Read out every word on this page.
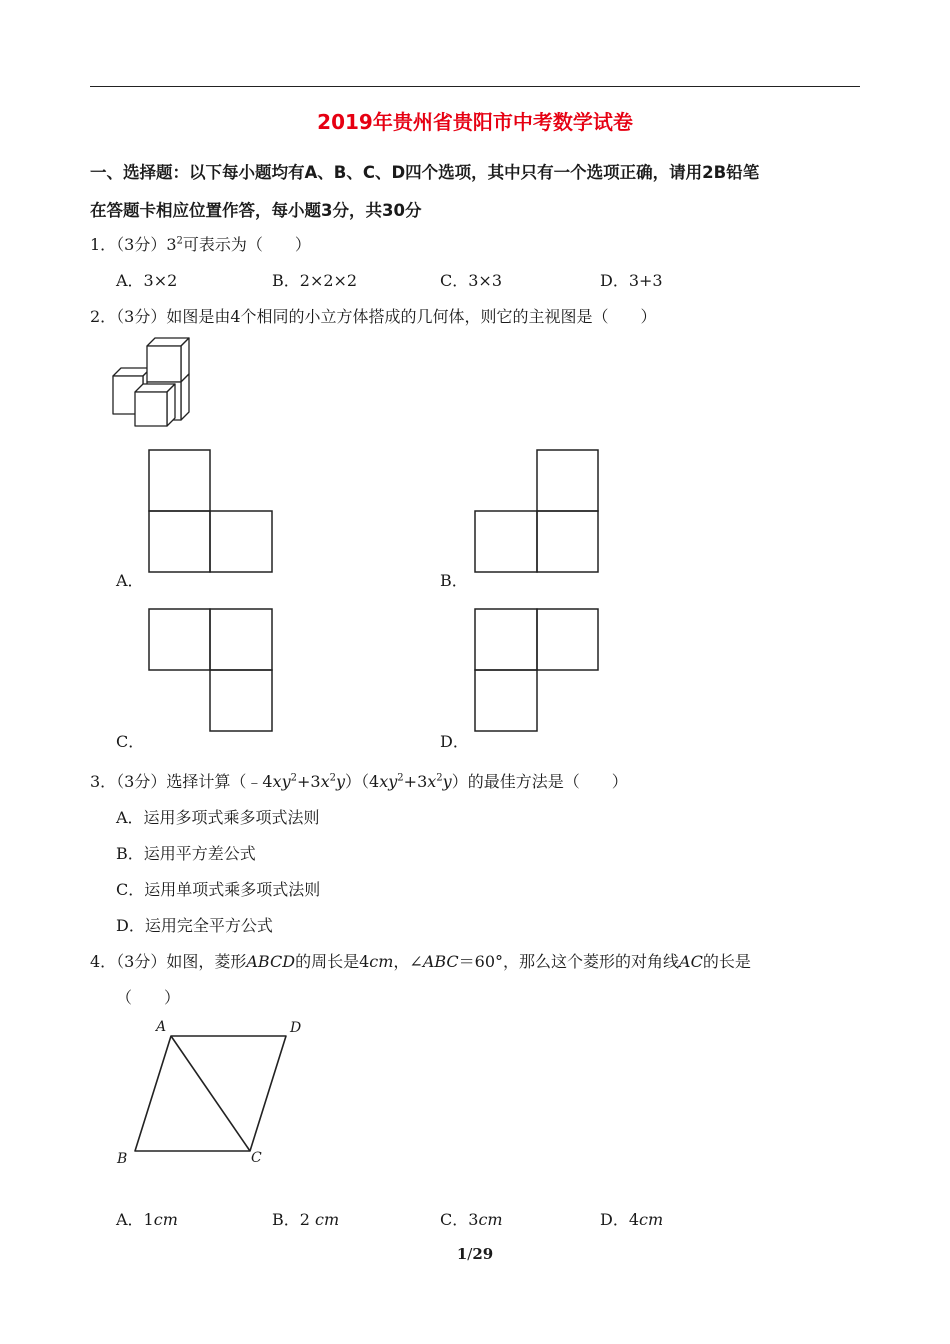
2019年贵州省贵阳市中考数学试卷
一、选择题：以下每小题均有A、B、C、D四个选项，其中只有一个选项正确，请用2B铅笔
在答题卡相应位置作答，每小题3分，共30分
1．（3分）$3^2$可表示为（　　）
A．3×2	B．2×2×2	C．3×3	D．3+3
2．（3分）如图是由4个相同的小立方体搭成的几何体，则它的主视图是（　　）
A．	B．
C．	D．
3．（3分）选择计算$(﹣4xy^2+3x^2y)(4xy^2+3x^2y)$的最佳方法是（　　）
A．运用多项式乘多项式法则
B．运用平方差公式
C．运用单项式乘多项式法则
D．运用完全平方公式
4．（3分）如图，菱形ABCD的周长是4cm，∠ABC＝60°，那么这个菱形的对角线AC的长是
（　　）
A	D
B	C
A．1cm	B．2 cm	C．3cm	D．4cm
1/29
